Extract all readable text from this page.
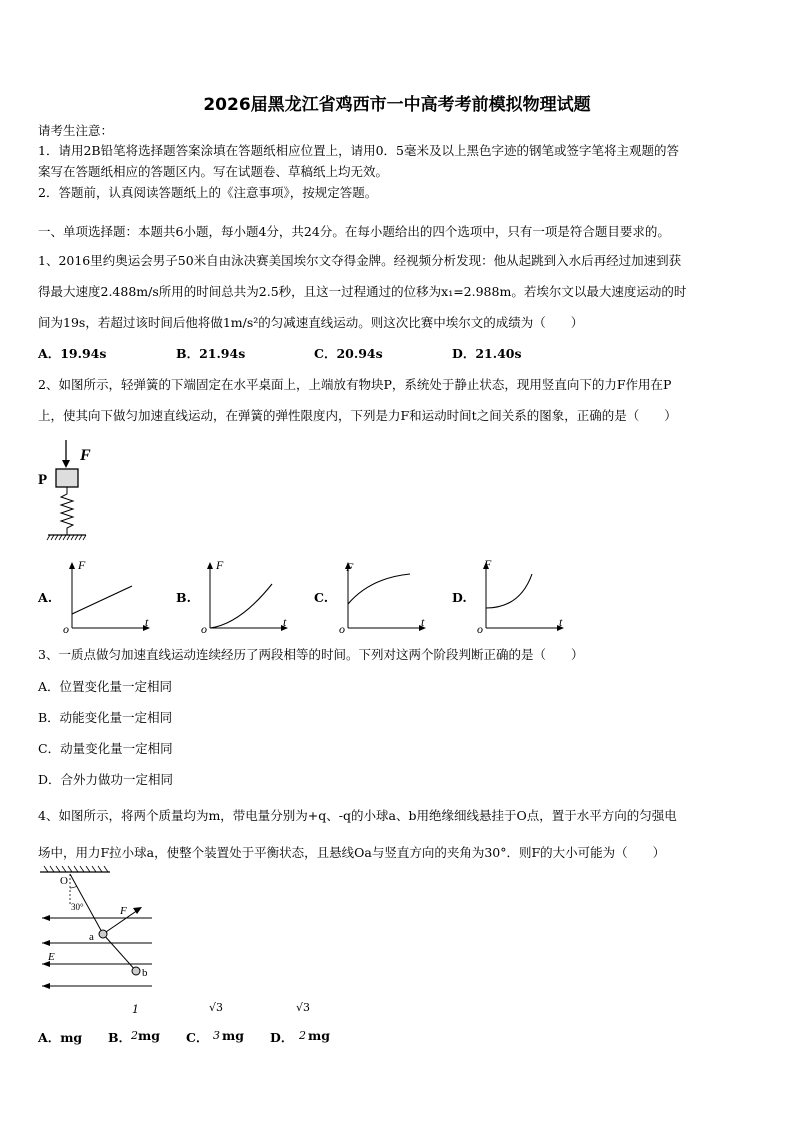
2026届黑龙江省鸡西市一中高考考前模拟物理试题
请考生注意：
1．请用2B铅笔将选择题答案涂填在答题纸相应位置上，请用0．5毫米及以上黑色字迹的钢笔或签字笔将主观题的答
案写在答题纸相应的答题区内。写在试题卷、草稿纸上均无效。
2．答题前，认真阅读答题纸上的《注意事项》，按规定答题。
一、单项选择题：本题共6小题，每小题4分，共24分。在每小题给出的四个选项中，只有一项是符合题目要求的。
1、2016里约奥运会男子50米自由泳决赛美国埃尔文夺得金牌。经视频分析发现：他从起跳到入水后再经过加速到获
得最大速度2.488m/s所用的时间总共为2.5秒，且这一过程通过的位移为x₁=2.988m。若埃尔文以最大速度运动的时
间为19s，若超过该时间后他将做1m/s²的匀减速直线运动。则这次比赛中埃尔文的成绩为（　　）
A．19.94s	B．21.94s	C．20.94s	D．21.40s
2、如图所示，轻弹簧的下端固定在水平桌面上，上端放有物块P，系统处于静止状态，现用竖直向下的力F作用在P
上，使其向下做匀加速直线运动，在弹簧的弹性限度内，下列是力F和运动时间t之间关系的图象，正确的是（　　）
F
P
A.
F
t
o
B.
F
t
o
C.
F
t
o
D.
F
t
o
3、一质点做匀加速直线运动连续经历了两段相等的时间。下列对这两个阶段判断正确的是（　　）
A．位置变化量一定相同
B．动能变化量一定相同
C．动量变化量一定相同
D．合外力做功一定相同
4、如图所示，将两个质量均为m，带电量分别为+q、-q的小球a、b用绝缘细线悬挂于O点，置于水平方向的匀强电
场中，用力F拉小球a，使整个装置处于平衡状态，且悬线Oa与竖直方向的夹角为30°．则F的大小可能为（　　）
O
30°
E
F
a
b
A．mg B．
1
2 mg C．
√3
3 mg D．
√3
2 mg
